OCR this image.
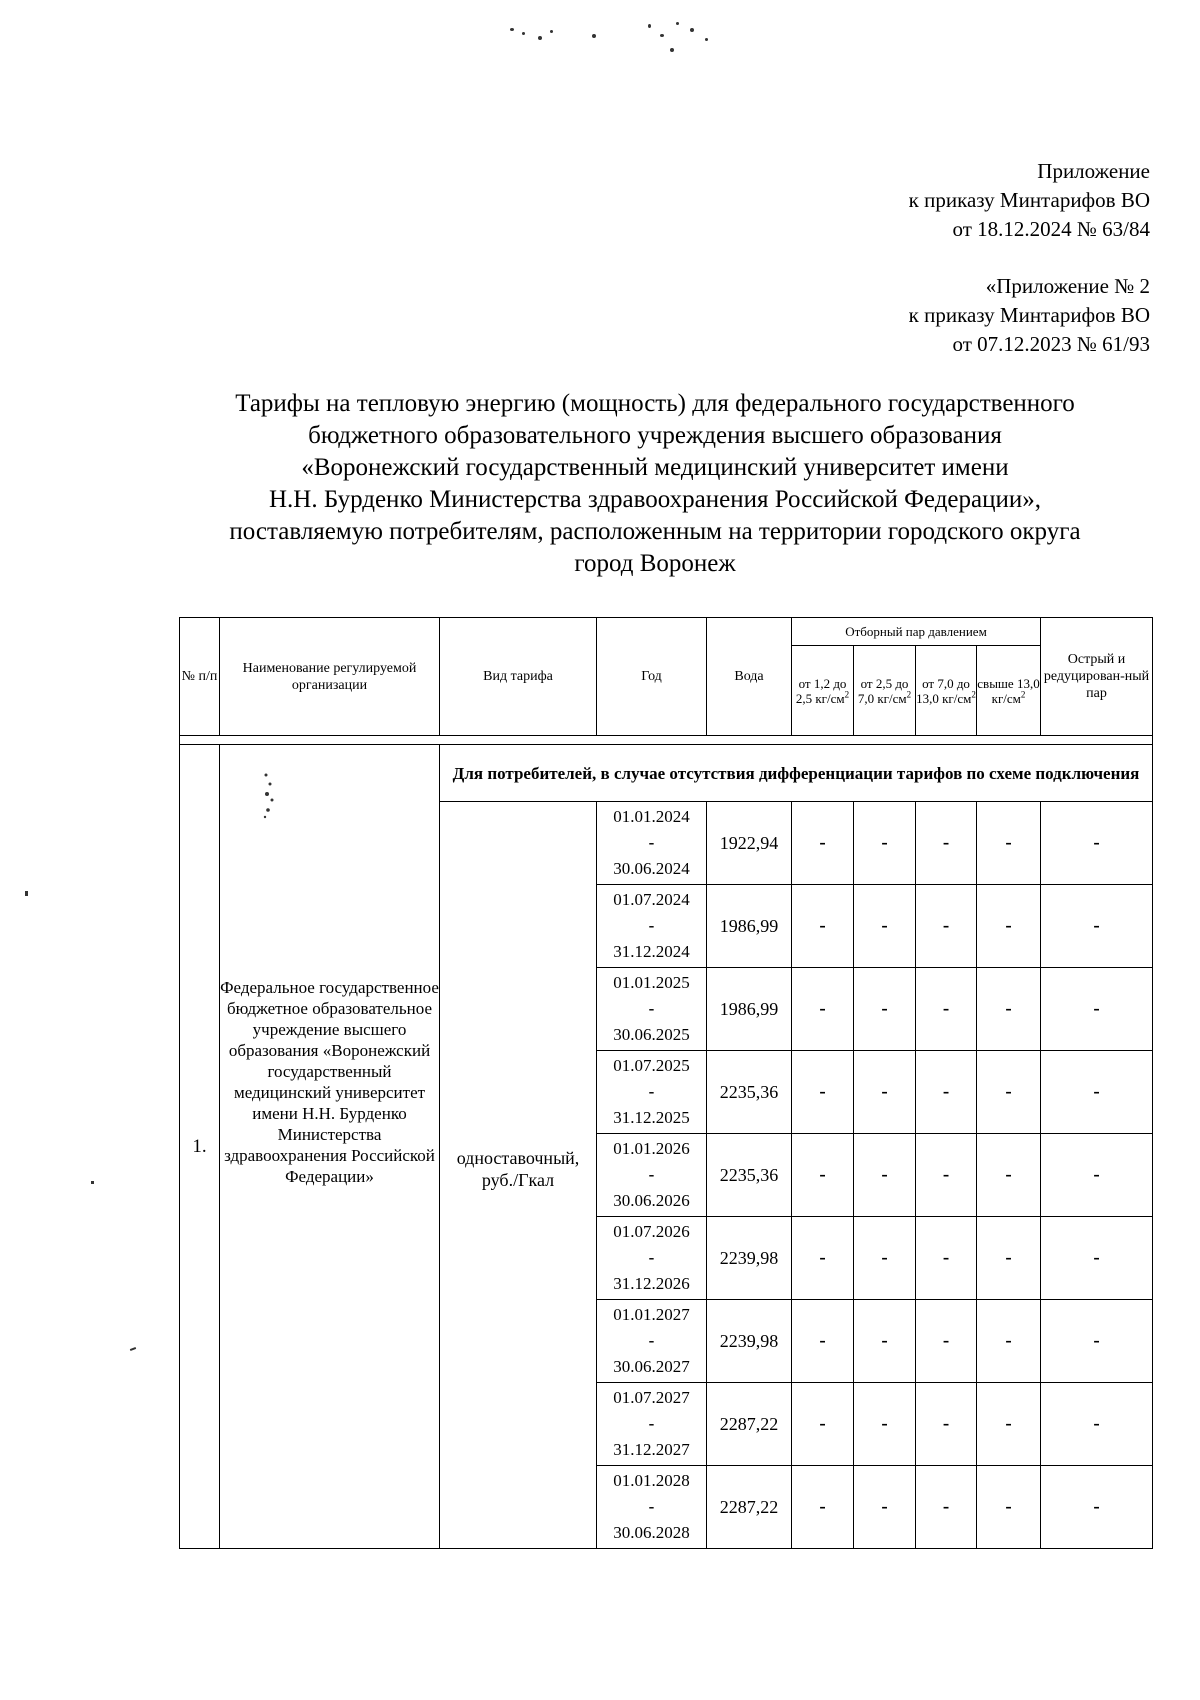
Приложение

к приказу Минтарифов ВО

от 18.12.2024 № 63/84

«Приложение № 2

к приказу Минтарифов ВО

от 07.12.2023 № 61/93

Тарифы на тепловую энергию (мощность) для федерального государственного

бюджетного образовательного учреждения высшего образования

«Воронежский государственный медицинский университет имени

Н.Н. Бурденко Министерства здравоохранения Российской Федерации»,

поставляемую потребителям, расположенным на территории городского округа

город Воронеж

№ п/п	Наименование регулируемой организации	Вид тарифа	Год	Вода	Отборный пар давлением				Острый и редуцирован-ный пар
					от 1,2 до 2,5 $кг/см^2$	от 2,5 до 7,0 $кг/см^2$	от 7,0 до 13,0 $кг/см^2$	свыше 13,0 $кг/см^2$

1.	Федеральное государственное бюджетное образовательное учреждение высшего образования «Воронежский государственный медицинский университет имени Н.Н. Бурденко Министерства здравоохранения Российской Федерации»	Для потребителей, в случае отсутствия дифференциации тарифов по схеме подключения							
		одноставочный, руб./Гкал	01.01.2024
-
30.06.2024	1922,94	-	-	-	-	-

			01.07.2024
-
31.12.2024	1986,99	-	-	-	-	-

			01.01.2025
-
30.06.2025	1986,99	-	-	-	-	-

			01.07.2025
-
31.12.2025	2235,36	-	-	-	-	-

			01.01.2026
-
30.06.2026	2235,36	-	-	-	-	-

			01.07.2026
-
31.12.2026	2239,98	-	-	-	-	-

			01.01.2027
-
30.06.2027	2239,98	-	-	-	-	-

			01.07.2027
-
31.12.2027	2287,22	-	-	-	-	-

			01.01.2028
-
30.06.2028	2287,22	-	-	-	-	-
